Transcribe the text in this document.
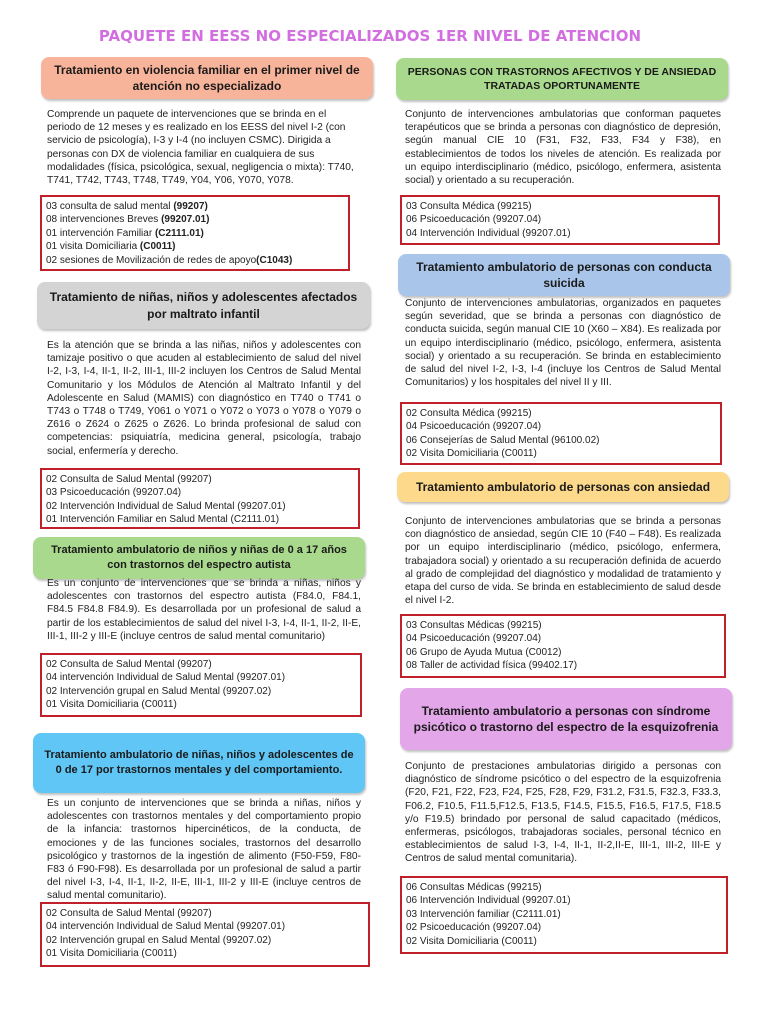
PAQUETE EN EESS NO ESPECIALIZADOS 1ER NIVEL DE ATENCION
Tratamiento en violencia familiar en el primer nivel de atención no especializado

Comprende un paquete de intervenciones que se brinda en el periodo de 12 meses y es realizado en los EESS del nivel I-2 (con servicio de psicología), I-3 y I-4 (no incluyen CSMC). Dirigida a personas con DX de violencia familiar en cualquiera de sus modalidades (física, psicológica, sexual, negligencia o mixta): T740, T741, T742, T743, T748, T749, Y04, Y06, Y070, Y078.

03 consulta de salud mental (99207)
08 intervenciones Breves (99207.01)
01 intervención Familiar (C2111.01)
01 visita Domiciliaria (C0011)
02 sesiones de Movilización de redes de apoyo(C1043)
Tratamiento de niñas, niños y adolescentes afectados por maltrato infantil

Es la atención que se brinda a las niñas, niños y adolescentes con tamizaje positivo o que acuden al establecimiento de salud del nivel I-2, I-3, I-4, II-1, II-2, III-1, III-2 incluyen los Centros de Salud Mental Comunitario y los Módulos de Atención al Maltrato Infantil y del Adolescente en Salud (MAMIS) con diagnóstico en T740 o T741 o T743 o T748 o T749, Y061 o Y071 o Y072 o Y073 o Y078 o Y079 o Z616 o Z624 o Z625 o Z626. Lo brinda profesional de salud con competencias: psiquiatría, medicina general, psicología, trabajo social, enfermería y derecho.

02 Consulta de Salud Mental (99207)
03 Psicoeducación (99207.04)
02 Intervención Individual de Salud Mental (99207.01)
01 Intervención Familiar en Salud Mental (C2111.01)
Tratamiento ambulatorio de niños y niñas de 0 a 17 años con trastornos del espectro autista

Es un conjunto de intervenciones que se brinda a niñas, niños y adolescentes con trastornos del espectro autista (F84.0, F84.1, F84.5 F84.8 F84.9). Es desarrollada por un profesional de salud a partir de los establecimientos de salud del nivel I-3, I-4, II-1, II-2, II-E, III-1, III-2 y III-E (incluye centros de salud mental comunitario)

02 Consulta de Salud Mental (99207)
04 intervención Individual de Salud Mental (99207.01)
02 Intervención grupal en Salud Mental (99207.02)
01 Visita Domiciliaria (C0011)
Tratamiento ambulatorio de niñas, niños y adolescentes de 0 de 17 por trastornos mentales y del comportamiento.

Es un conjunto de intervenciones que se brinda a niñas, niños y adolescentes con trastornos mentales y del comportamiento propio de la infancia: trastornos hipercinéticos, de la conducta, de emociones y de las funciones sociales, trastornos del desarrollo psicológico y trastornos de la ingestión de alimento (F50-F59, F80-F83 ó F90-F98). Es desarrollada por un profesional de salud a partir del nivel I-3, I-4, II-1, II-2, II-E, III-1, III-2 y III-E (incluye centros de salud mental comunitario).

02 Consulta de Salud Mental (99207)
04 intervención Individual de Salud Mental (99207.01)
02 Intervención grupal en Salud Mental (99207.02)
01 Visita Domiciliaria (C0011)
PERSONAS CON TRASTORNOS AFECTIVOS Y DE ANSIEDAD TRATADAS OPORTUNAMENTE

Conjunto de intervenciones ambulatorias que conforman paquetes terapéuticos que se brinda a personas con diagnóstico de depresión, según manual CIE 10 (F31, F32, F33, F34 y F38), en establecimientos de todos los niveles de atención. Es realizada por un equipo interdisciplinario (médico, psicólogo, enfermera, asistenta social) y orientado a su recuperación.

03 Consulta Médica (99215)
06 Psicoeducación (99207.04)
04 Intervención Individual (99207.01)
Tratamiento ambulatorio de personas con conducta suicida

Conjunto de intervenciones ambulatorias, organizados en paquetes según severidad, que se brinda a personas con diagnóstico de conducta suicida, según manual CIE 10 (X60 – X84). Es realizada por un equipo interdisciplinario (médico, psicólogo, enfermera, asistenta social) y orientado a su recuperación. Se brinda en establecimiento de salud del nivel I-2, I-3, I-4 (incluye los Centros de Salud Mental Comunitarios) y los hospitales del nivel II y III.

02 Consulta Médica (99215)
04 Psicoeducación (99207.04)
06 Consejerías de Salud Mental (96100.02)
02 Visita Domiciliaria (C0011)
Tratamiento ambulatorio de personas con ansiedad

Conjunto de intervenciones ambulatorias que se brinda a personas con diagnóstico de ansiedad, según CIE 10 (F40 – F48). Es realizada por un equipo interdisciplinario (médico, psicólogo, enfermera, trabajadora social) y orientado a su recuperación definida de acuerdo al grado de complejidad del diagnóstico y modalidad de tratamiento y etapa del curso de vida. Se brinda en establecimiento de salud desde el nivel I-2.

03 Consultas Médicas (99215)
04 Psicoeducación (99207.04)
06 Grupo de Ayuda Mutua (C0012)
08 Taller de actividad física (99402.17)
Tratamiento ambulatorio a personas con síndrome psicótico o trastorno del espectro de la esquizofrenia

Conjunto de prestaciones ambulatorias dirigido a personas con diagnóstico de síndrome psicótico o del espectro de la esquizofrenia (F20, F21, F22, F23, F24, F25, F28, F29, F31.2, F31.5, F32.3, F33.3, F06.2, F10.5, F11.5,F12.5, F13.5, F14.5, F15.5, F16.5, F17.5, F18.5 y/o F19.5) brindado por personal de salud capacitado (médicos, enfermeras, psicólogos, trabajadoras sociales, personal técnico en establecimientos de salud I-3, I-4, II-1, II-2,II-E, III-1, III-2, III-E y Centros de salud mental comunitaria).

06 Consultas Médicas (99215)
06 Intervención Individual (99207.01)
03 Intervención familiar (C2111.01)
02 Psicoeducación (99207.04)
02 Visita Domiciliaria (C0011)
